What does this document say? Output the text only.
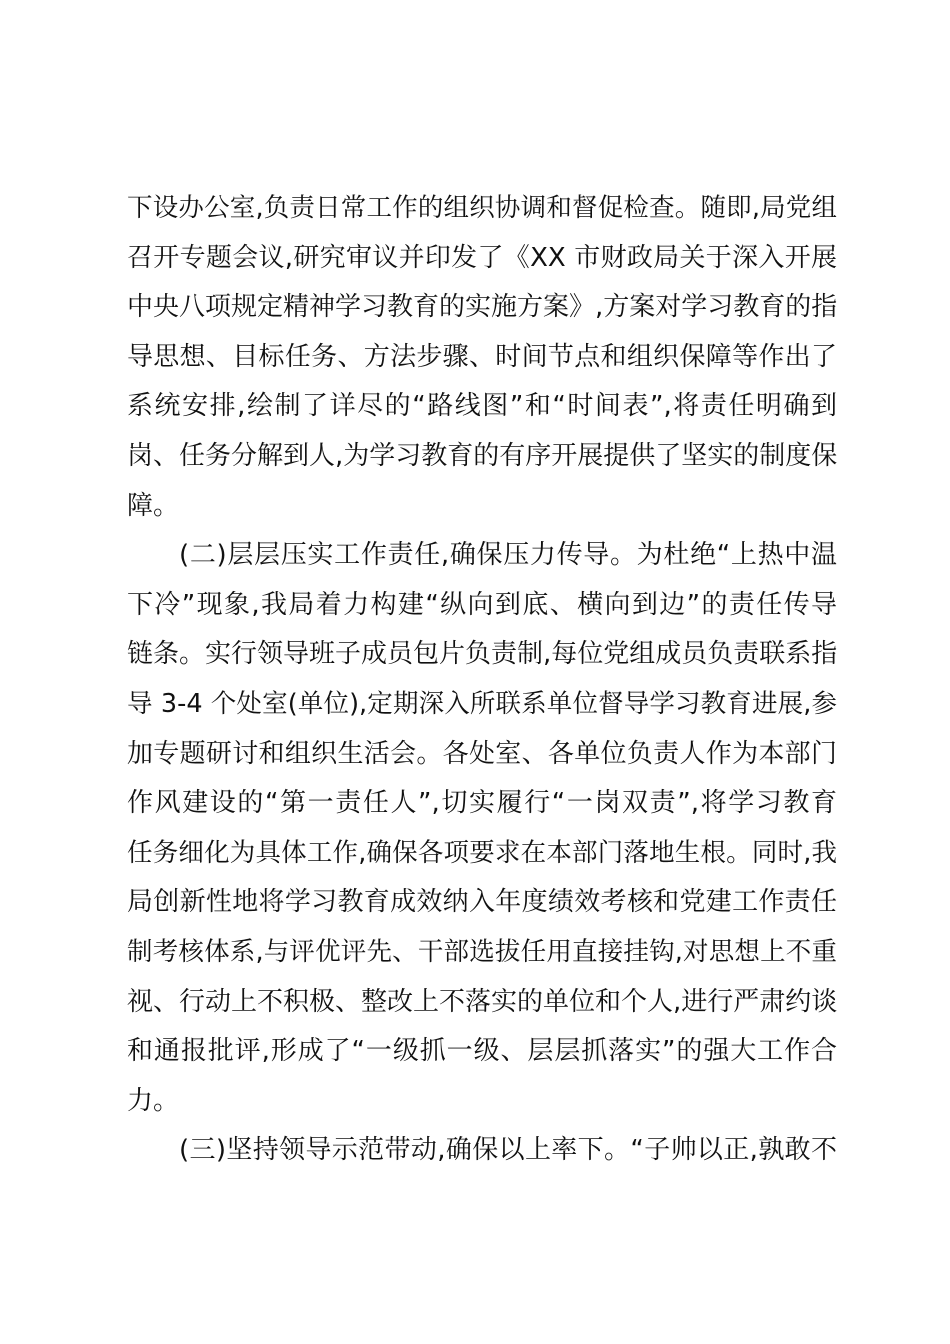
下设办公室,负责日常工作的组织协调和督促检查。随即,局党组
召开专题会议,研究审议并印发了《XX 市财政局关于深入开展
中央八项规定精神学习教育的实施方案》,方案对学习教育的指
导思想、目标任务、方法步骤、时间节点和组织保障等作出了
系统安排,绘制了详尽的“路线图”和“时间表”,将责任明确到
岗、任务分解到人,为学习教育的有序开展提供了坚实的制度保
障。
(二)层层压实工作责任,确保压力传导。为杜绝“上热中温
下冷”现象,我局着力构建“纵向到底、横向到边”的责任传导
链条。实行领导班子成员包片负责制,每位党组成员负责联系指
导 3-4 个处室(单位),定期深入所联系单位督导学习教育进展,参
加专题研讨和组织生活会。各处室、各单位负责人作为本部门
作风建设的“第一责任人”,切实履行“一岗双责”,将学习教育
任务细化为具体工作,确保各项要求在本部门落地生根。同时,我
局创新性地将学习教育成效纳入年度绩效考核和党建工作责任
制考核体系,与评优评先、干部选拔任用直接挂钩,对思想上不重
视、行动上不积极、整改上不落实的单位和个人,进行严肃约谈
和通报批评,形成了“一级抓一级、层层抓落实”的强大工作合
力。
(三)坚持领导示范带动,确保以上率下。“子帅以正,孰敢不
